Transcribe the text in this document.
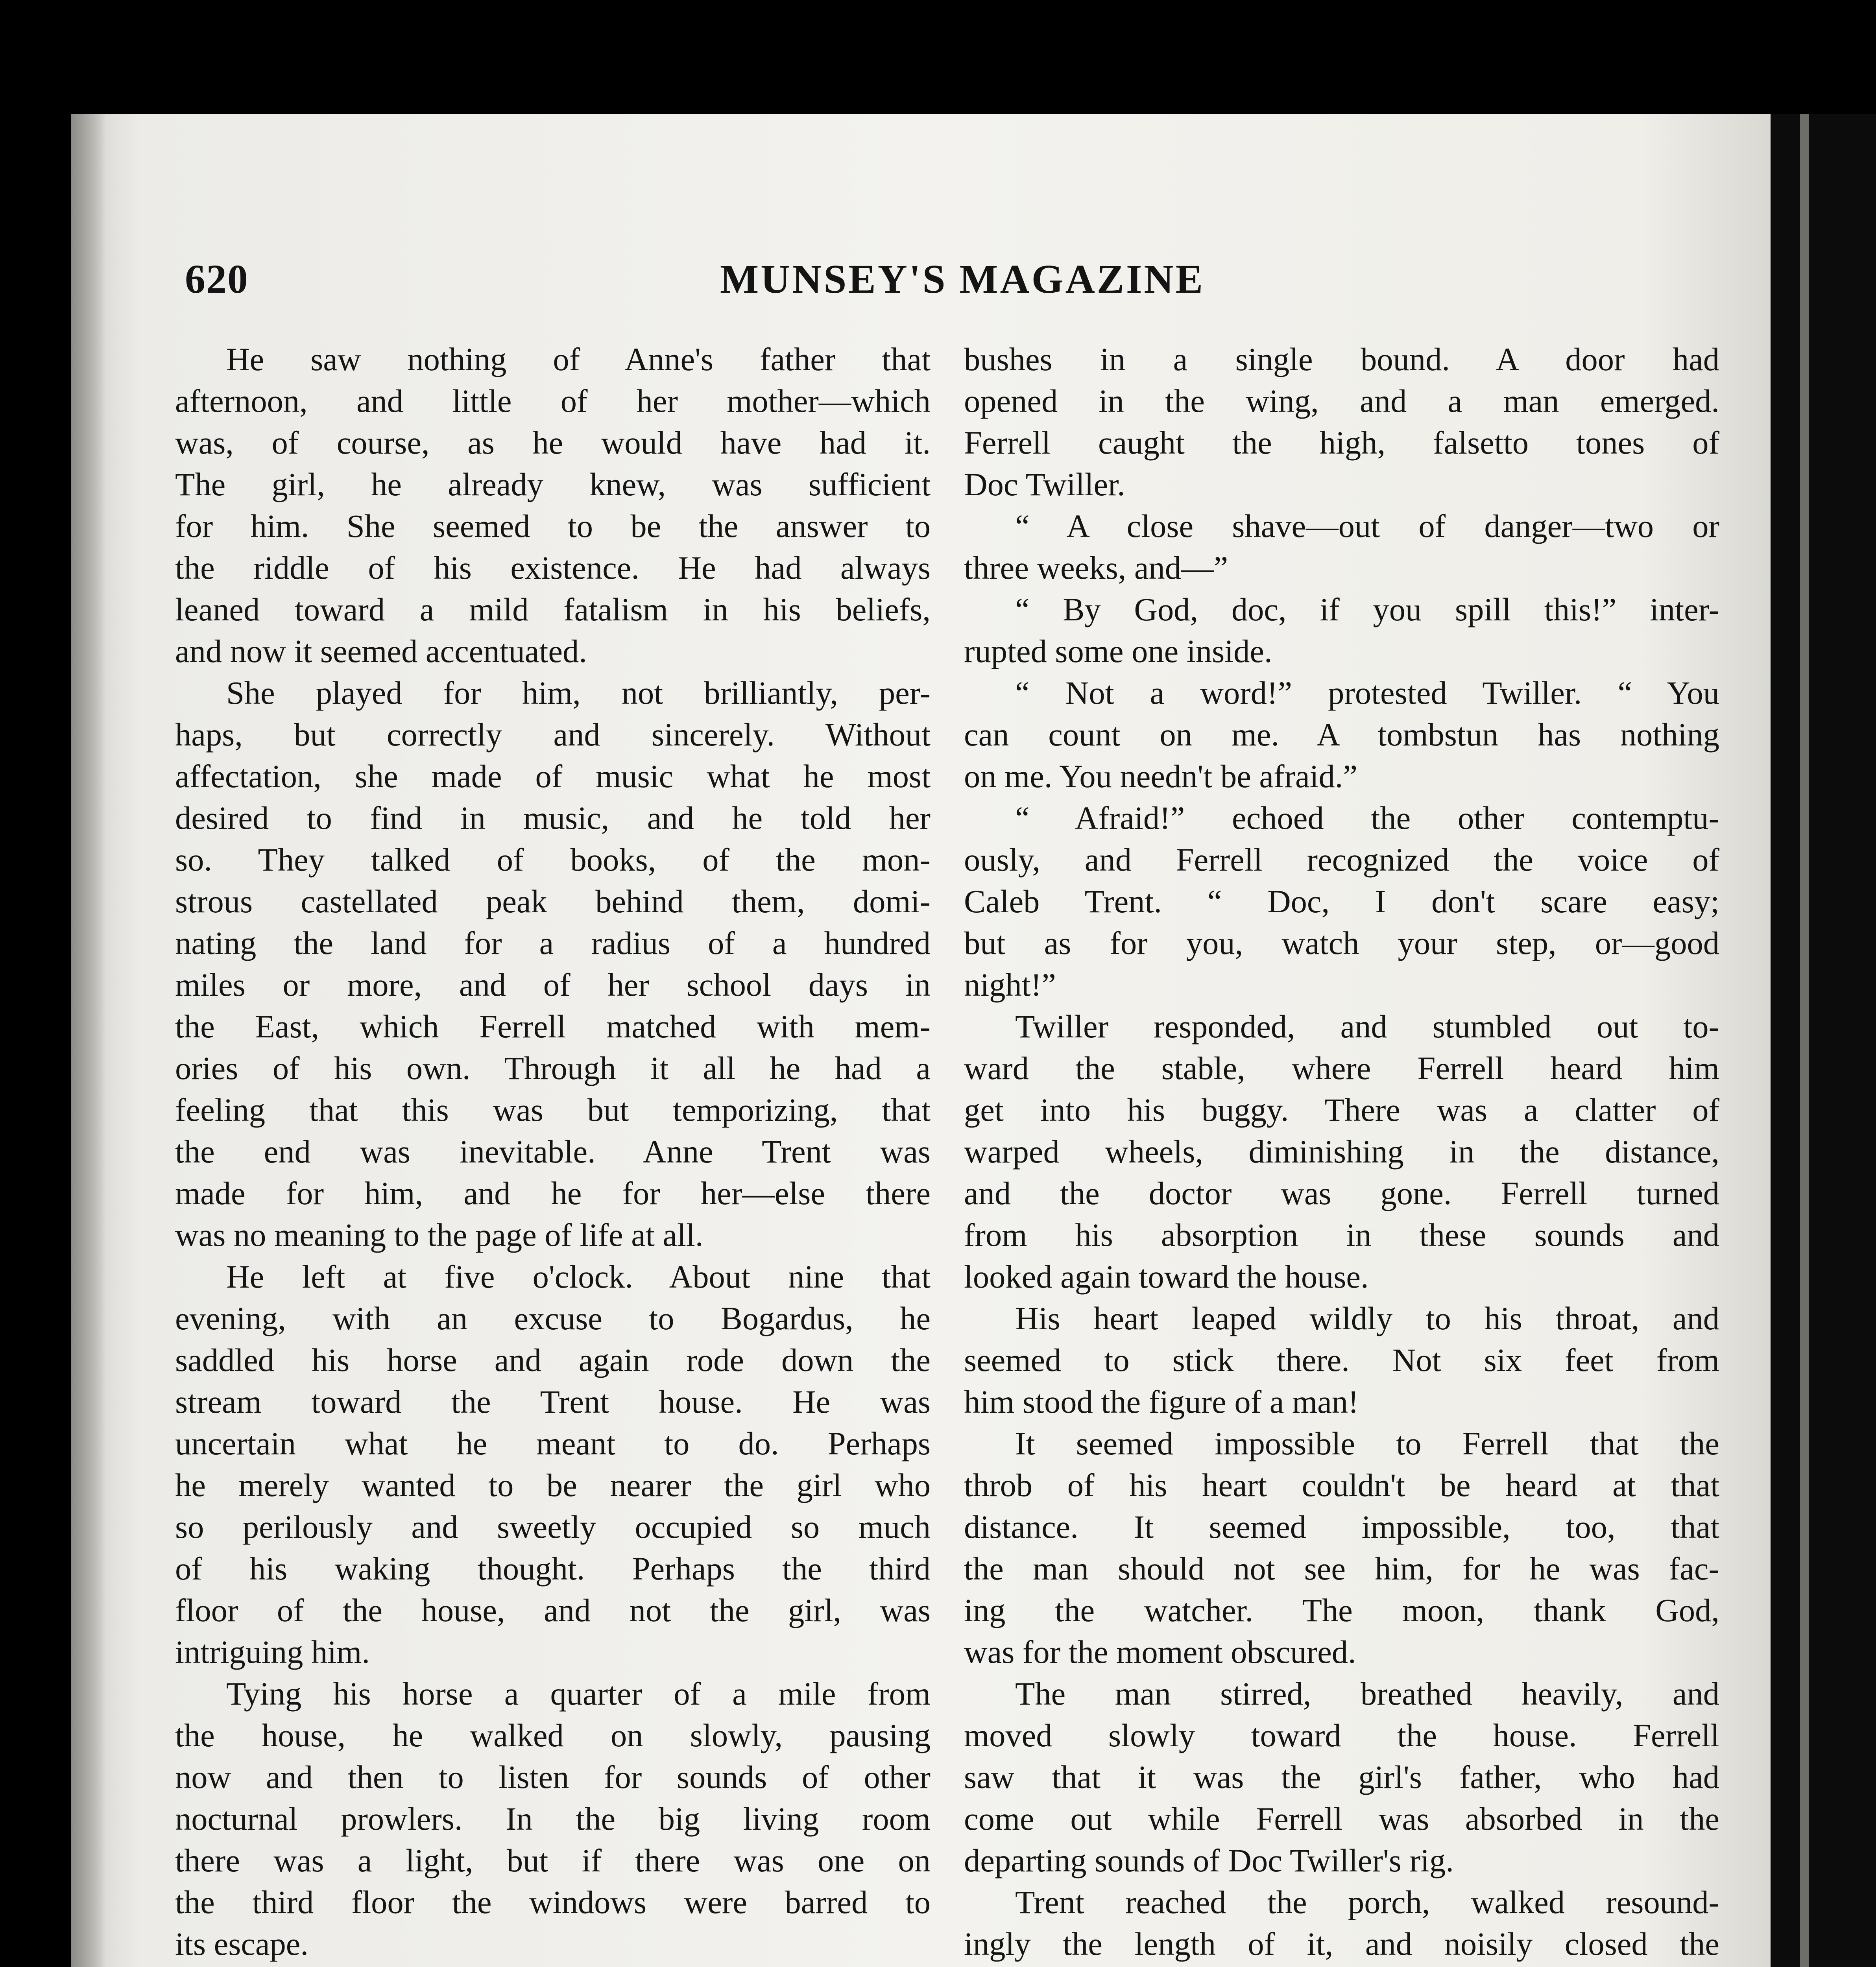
620	MUNSEY'S MAGAZINE
He saw nothing of Anne's father that
afternoon, and little of her mother—which
was, of course, as he would have had it.
The girl, he already knew, was sufficient
for him. She seemed to be the answer to
the riddle of his existence. He had always
leaned toward a mild fatalism in his beliefs,
and now it seemed accentuated.
She played for him, not brilliantly, per-
haps, but correctly and sincerely. Without
affectation, she made of music what he most
desired to find in music, and he told her
so. They talked of books, of the mon-
strous castellated peak behind them, domi-
nating the land for a radius of a hundred
miles or more, and of her school days in
the East, which Ferrell matched with mem-
ories of his own. Through it all he had a
feeling that this was but temporizing, that
the end was inevitable. Anne Trent was
made for him, and he for her—else there
was no meaning to the page of life at all.
He left at five o'clock. About nine that
evening, with an excuse to Bogardus, he
saddled his horse and again rode down the
stream toward the Trent house. He was
uncertain what he meant to do. Perhaps
he merely wanted to be nearer the girl who
so perilously and sweetly occupied so much
of his waking thought. Perhaps the third
floor of the house, and not the girl, was
intriguing him.
Tying his horse a quarter of a mile from
the house, he walked on slowly, pausing
now and then to listen for sounds of other
nocturnal prowlers. In the big living room
there was a light, but if there was one on
the third floor the windows were barred to
its escape.
bushes in a single bound. A door had
opened in the wing, and a man emerged.
Ferrell caught the high, falsetto tones of
Doc Twiller.
“ A close shave—out of danger—two or
three weeks, and—”
“ By God, doc, if you spill this!” inter-
rupted some one inside.
“ Not a word!” protested Twiller. “ You
can count on me. A tombstun has nothing
on me. You needn't be afraid.”
“ Afraid!” echoed the other contemptu-
ously, and Ferrell recognized the voice of
Caleb Trent. “ Doc, I don't scare easy;
but as for you, watch your step, or—good
night!”
Twiller responded, and stumbled out to-
ward the stable, where Ferrell heard him
get into his buggy. There was a clatter of
warped wheels, diminishing in the distance,
and the doctor was gone. Ferrell turned
from his absorption in these sounds and
looked again toward the house.
His heart leaped wildly to his throat, and
seemed to stick there. Not six feet from
him stood the figure of a man!
It seemed impossible to Ferrell that the
throb of his heart couldn't be heard at that
distance. It seemed impossible, too, that
the man should not see him, for he was fac-
ing the watcher. The moon, thank God,
was for the moment obscured.
The man stirred, breathed heavily, and
moved slowly toward the house. Ferrell
saw that it was the girl's father, who had
come out while Ferrell was absorbed in the
departing sounds of Doc Twiller's rig.
Trent reached the porch, walked resound-
ingly the length of it, and noisily closed the
